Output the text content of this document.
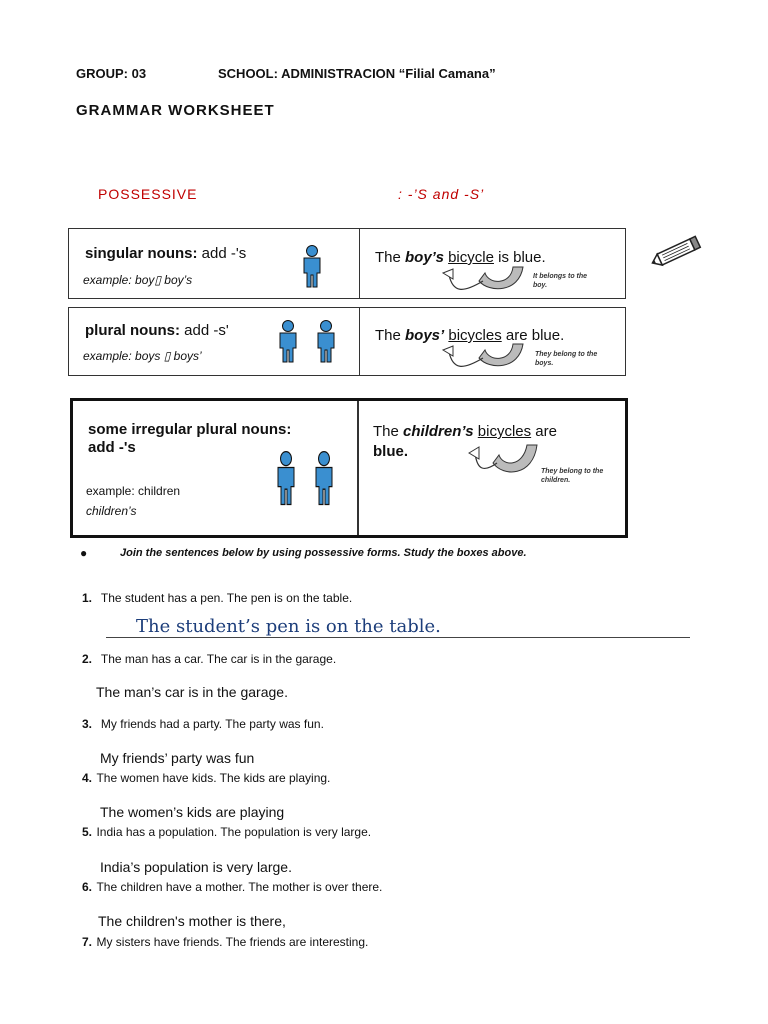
GROUP: 03	SCHOOL: ADMINISTRACION “Filial Camana”
GRAMMAR WORKSHEET
POSSESSIVE	: -’S and -S’
singular nouns: add -'s
example: boy▯ boy’s
The boy’s bicycle is blue.
It belongs to the boy.
plural nouns: add -s'
example: boys ▯ boys’
The boys’ bicycles are blue.
They belong to the boys.
some irregular plural nouns:
add -'s
example: children
children’s
The children’s bicycles are
blue.
They belong to the children.
●	Join the sentences below by using possessive forms. Study the boxes above.
1. The student has a pen. The pen is on the table.
The student’s pen is on the table.
2. The man has a car. The car is in the garage.
The man’s car is in the garage.
3. My friends had a party. The party was fun.
My friends’ party was fun
4. The women have kids. The kids are playing.
The women’s kids are playing
5. India has a population. The population is very large.
India’s population is very large.
6. The children have a mother. The mother is over there.
The children's mother is there,
7. My sisters have friends. The friends are interesting.
